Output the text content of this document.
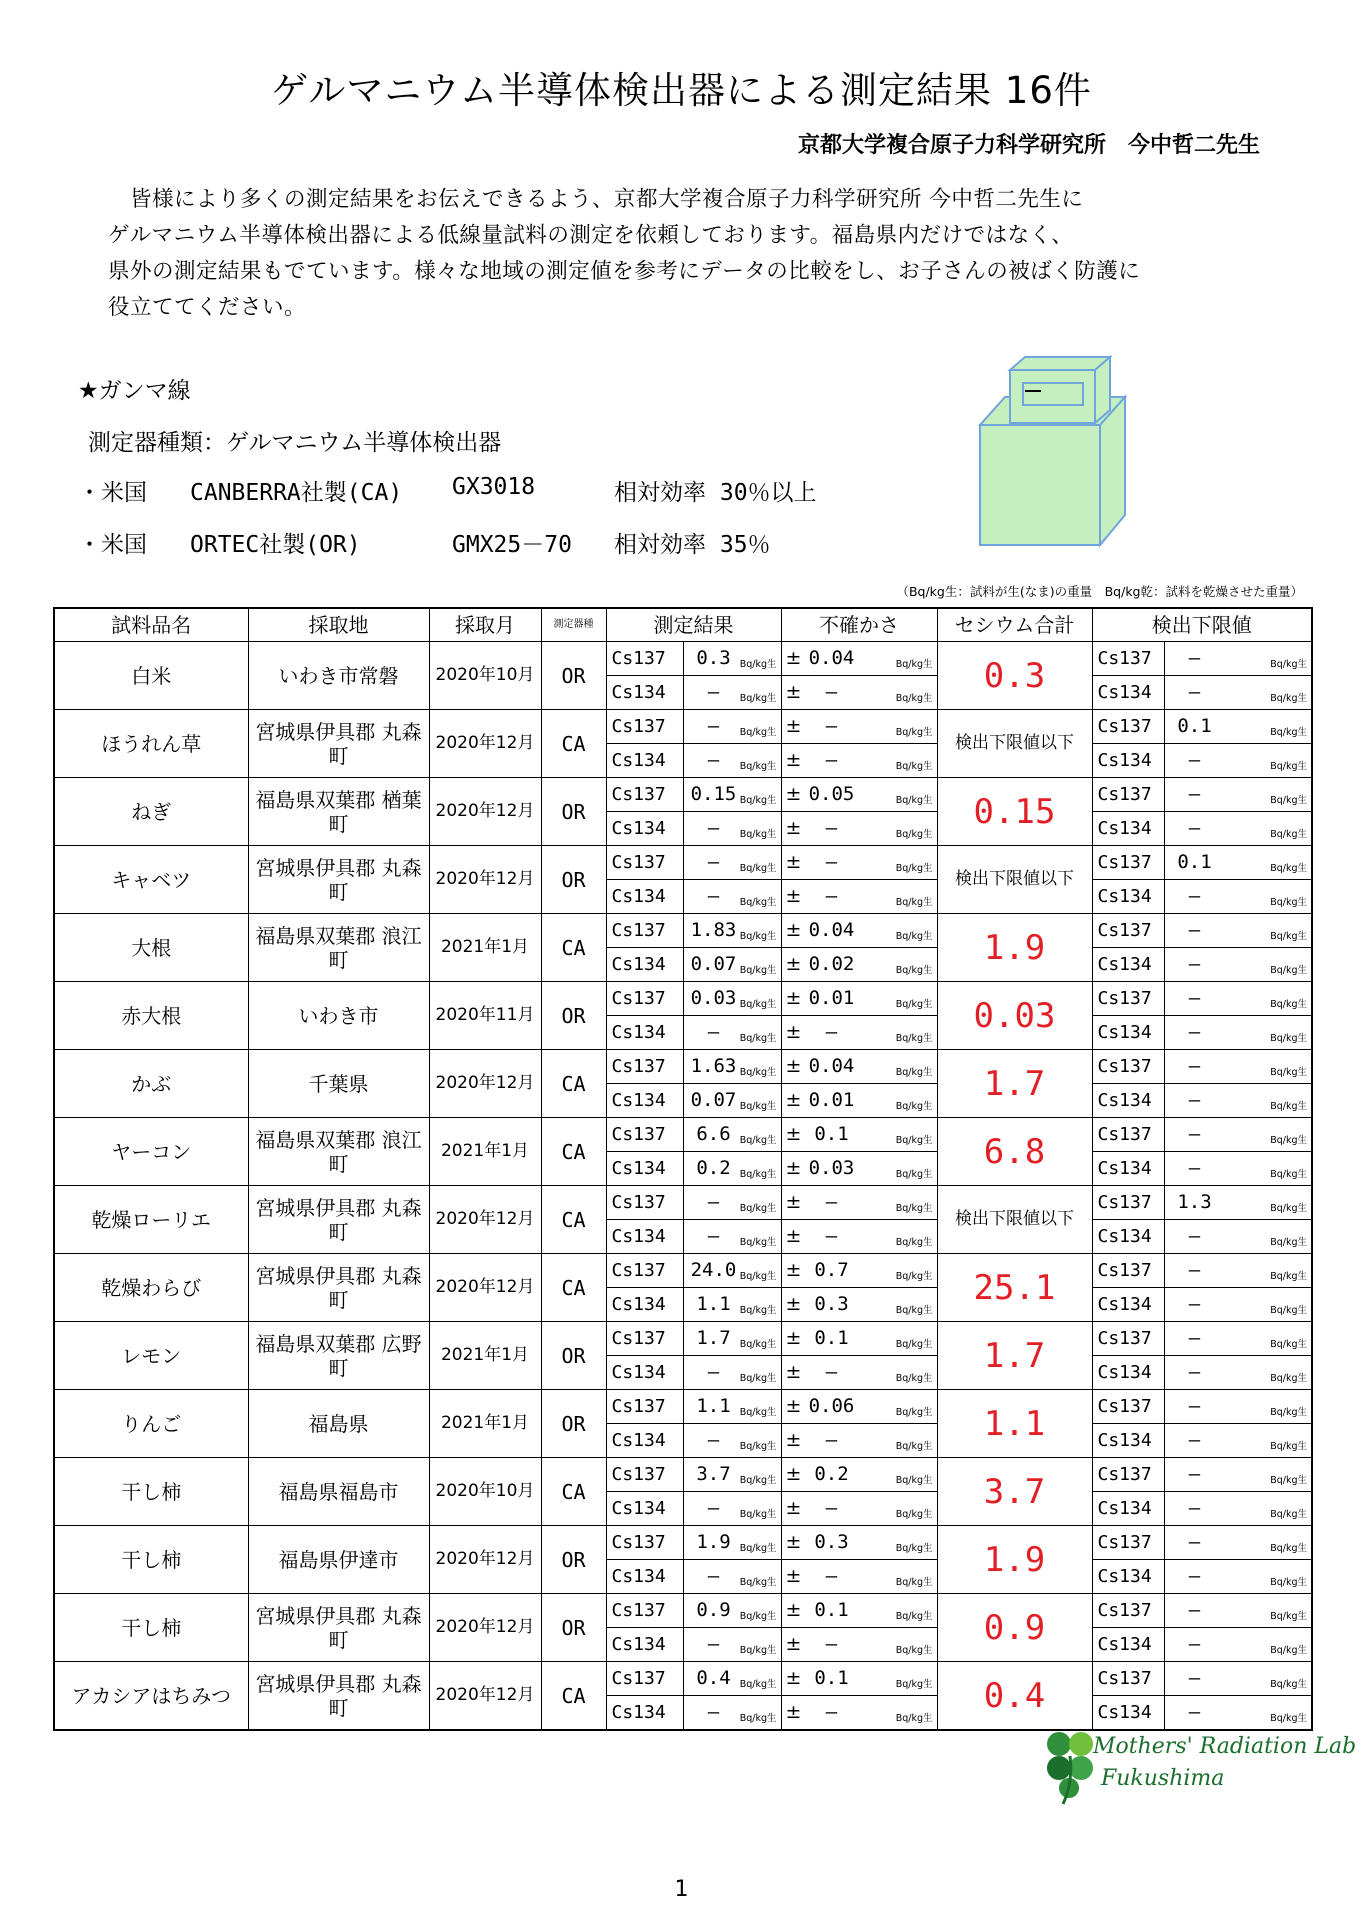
ゲルマニウム半導体検出器による測定結果 16件
京都大学複合原子力科学研究所　今中哲二先生
　皆様により多くの測定結果をお伝えできるよう、京都大学複合原子力科学研究所 今中哲二先生に
ゲルマニウム半導体検出器による低線量試料の測定を依頼しております。福島県内だけではなく、
県外の測定結果もでています。様々な地域の測定値を参考にデータの比較をし、お子さんの被ばく防護に
役立ててください。
★ガンマ線
測定器種類：ゲルマニウム半導体検出器
・米国 CANBERRA社製(CA) GX3018	相対効率 30％以上
・米国 ORTEC社製(OR)	GMX25－70 相対効率 35％
（Bq/kg生：試料が生(なま)の重量　Bq/kg乾：試料を乾燥させた重量）
試料品名	採取地	採取月	測定器種	測定結果		不確かさ	セシウム合計	検出下限値	
白米	いわき市常磐	2020年10月	OR	Cs137	0.3 Bq/kg生	± 0.04 Bq/kg生	0.3	Cs137	― Bq/kg生

				Cs134	― Bq/kg生	± ― Bq/kg生		Cs134	― Bq/kg生

ほうれん草	宮城県伊具郡 丸森町	2020年12月	CA	Cs137	― Bq/kg生	± ― Bq/kg生	検出下限値以下	Cs137	0.1 Bq/kg生

				Cs134	― Bq/kg生	± ― Bq/kg生		Cs134	― Bq/kg生

ねぎ	福島県双葉郡 楢葉町	2020年12月	OR	Cs137	0.15 Bq/kg生	± 0.05 Bq/kg生	0.15	Cs137	― Bq/kg生

				Cs134	― Bq/kg生	± ― Bq/kg生		Cs134	― Bq/kg生

キャベツ	宮城県伊具郡 丸森町	2020年12月	OR	Cs137	― Bq/kg生	± ― Bq/kg生	検出下限値以下	Cs137	0.1 Bq/kg生

				Cs134	― Bq/kg生	± ― Bq/kg生		Cs134	― Bq/kg生

大根	福島県双葉郡 浪江町	2021年1月	CA	Cs137	1.83 Bq/kg生	± 0.04 Bq/kg生	1.9	Cs137	― Bq/kg生

				Cs134	0.07 Bq/kg生	± 0.02 Bq/kg生		Cs134	― Bq/kg生

赤大根	いわき市	2020年11月	OR	Cs137	0.03 Bq/kg生	± 0.01 Bq/kg生	0.03	Cs137	― Bq/kg生

				Cs134	― Bq/kg生	± ― Bq/kg生		Cs134	― Bq/kg生

かぶ	千葉県	2020年12月	CA	Cs137	1.63 Bq/kg生	± 0.04 Bq/kg生	1.7	Cs137	― Bq/kg生

				Cs134	0.07 Bq/kg生	± 0.01 Bq/kg生		Cs134	― Bq/kg生

ヤーコン	福島県双葉郡 浪江町	2021年1月	CA	Cs137	6.6 Bq/kg生	± 0.1 Bq/kg生	6.8	Cs137	― Bq/kg生

				Cs134	0.2 Bq/kg生	± 0.03 Bq/kg生		Cs134	― Bq/kg生

乾燥ローリエ	宮城県伊具郡 丸森町	2020年12月	CA	Cs137	― Bq/kg生	± ― Bq/kg生	検出下限値以下	Cs137	1.3 Bq/kg生

				Cs134	― Bq/kg生	± ― Bq/kg生		Cs134	― Bq/kg生

乾燥わらび	宮城県伊具郡 丸森町	2020年12月	CA	Cs137	24.0 Bq/kg生	± 0.7 Bq/kg生	25.1	Cs137	― Bq/kg生

				Cs134	1.1 Bq/kg生	± 0.3 Bq/kg生		Cs134	― Bq/kg生

レモン	福島県双葉郡 広野町	2021年1月	OR	Cs137	1.7 Bq/kg生	± 0.1 Bq/kg生	1.7	Cs137	― Bq/kg生

				Cs134	― Bq/kg生	± ― Bq/kg生		Cs134	― Bq/kg生

りんご	福島県	2021年1月	OR	Cs137	1.1 Bq/kg生	± 0.06 Bq/kg生	1.1	Cs137	― Bq/kg生

				Cs134	― Bq/kg生	± ― Bq/kg生		Cs134	― Bq/kg生

干し柿	福島県福島市	2020年10月	CA	Cs137	3.7 Bq/kg生	± 0.2 Bq/kg生	3.7	Cs137	― Bq/kg生

				Cs134	― Bq/kg生	± ― Bq/kg生		Cs134	― Bq/kg生

干し柿	福島県伊達市	2020年12月	OR	Cs137	1.9 Bq/kg生	± 0.3 Bq/kg生	1.9	Cs137	― Bq/kg生

				Cs134	― Bq/kg生	± ― Bq/kg生		Cs134	― Bq/kg生

干し柿	宮城県伊具郡 丸森町	2020年12月	OR	Cs137	0.9 Bq/kg生	± 0.1 Bq/kg生	0.9	Cs137	― Bq/kg生

				Cs134	― Bq/kg生	± ― Bq/kg生		Cs134	― Bq/kg生

アカシアはちみつ	宮城県伊具郡 丸森町	2020年12月	CA	Cs137	0.4 Bq/kg生	± 0.1 Bq/kg生	0.4	Cs137	― Bq/kg生

				Cs134	― Bq/kg生	± ― Bq/kg生		Cs134	― Bq/kg生
Mothers' Radiation Lab
Fukushima
1
